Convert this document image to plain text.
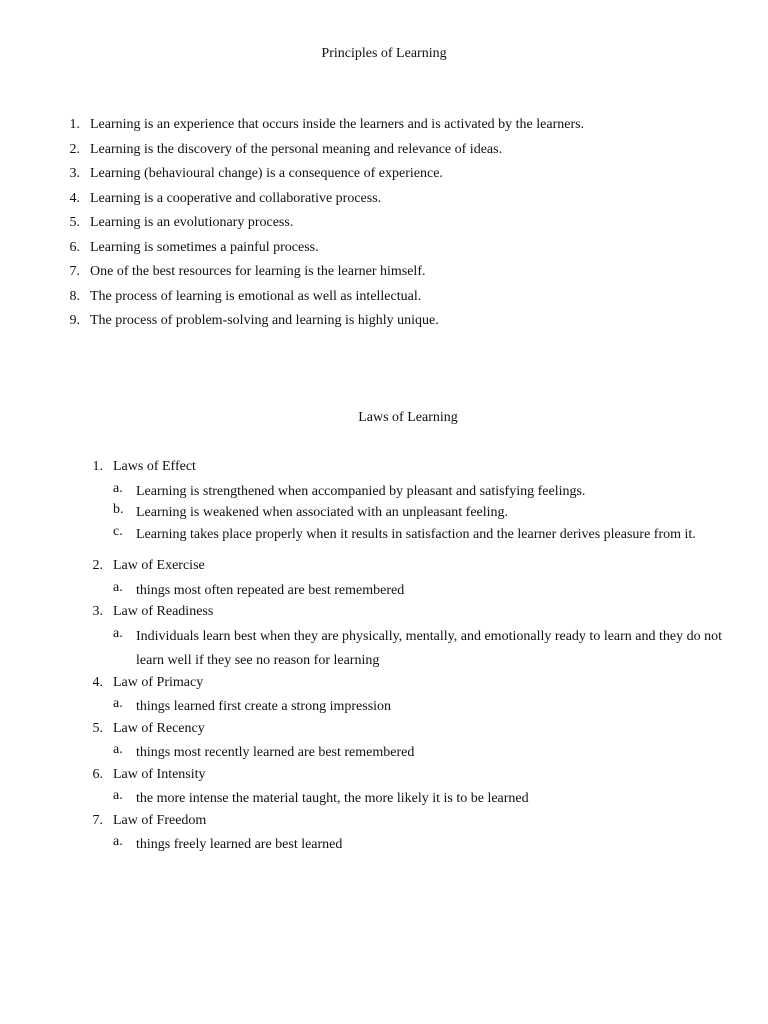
Principles of Learning
1. Learning is an experience that occurs inside the learners and is activated by the learners.
2. Learning is the discovery of the personal meaning and relevance of ideas.
3. Learning (behavioural change) is a consequence of experience.
4. Learning is a cooperative and collaborative process.
5. Learning is an evolutionary process.
6. Learning is sometimes a painful process.
7. One of the best resources for learning is the learner himself.
8. The process of learning is emotional as well as intellectual.
9. The process of problem-solving and learning is highly unique.
Laws of Learning
1. Laws of Effect
a. Learning is strengthened when accompanied by pleasant and satisfying feelings.
b. Learning is weakened when associated with an unpleasant feeling.
c. Learning takes place properly when it results in satisfaction and the learner derives pleasure from it.
2. Law of Exercise
a. things most often repeated are best remembered
3. Law of Readiness
a. Individuals learn best when they are physically, mentally, and emotionally ready to learn and they do not learn well if they see no reason for learning
4. Law of Primacy
a. things learned first create a strong impression
5. Law of Recency
a. things most recently learned are best remembered
6. Law of Intensity
a. the more intense the material taught, the more likely it is to be learned
7. Law of Freedom
a. things freely learned are best learned
